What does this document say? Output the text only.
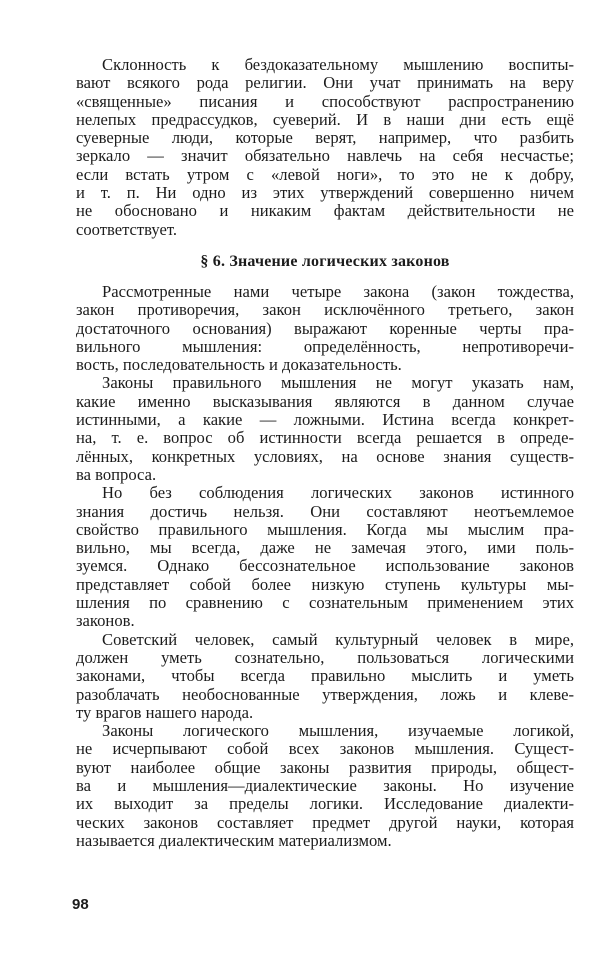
Склонность к бездоказательному мышлению воспиты-
вают всякого рода религии. Они учат принимать на веру
«священные» писания и способствуют распространению
нелепых предрассудков, суеверий. И в наши дни есть ещё
суеверные люди, которые верят, например, что разбить
зеркало — значит обязательно навлечь на себя несчастье;
если встать утром с «левой ноги», то это не к добру,
и т. п. Ни одно из этих утверждений совершенно ничем
не обосновано и никаким фактам действительности не
соответствует.

§ 6. Значение логических законов

Рассмотренные нами четыре закона (закон тождества,
закон противоречия, закон исключённого третьего, закон
достаточного основания) выражают коренные черты пра-
вильного мышления: определённость, непротиворечи-
вость, последовательность и доказательность.

Законы правильного мышления не могут указать нам,
какие именно высказывания являются в данном случае
истинными, а какие — ложными. Истина всегда конкрет-
на, т. е. вопрос об истинности всегда решается в опреде-
лённых, конкретных условиях, на основе знания существ-
ва вопроса.

Но без соблюдения логических законов истинного
знания достичь нельзя. Они составляют неотъемлемое
свойство правильного мышления. Когда мы мыслим пра-
вильно, мы всегда, даже не замечая этого, ими поль-
зуемся. Однако бессознательное использование законов
представляет собой более низкую ступень культуры мы-
шления по сравнению с сознательным применением этих
законов.

Советский человек, самый культурный человек в мире,
должен уметь сознательно, пользоваться логическими
законами, чтобы всегда правильно мыслить и уметь
разоблачать необоснованные утверждения, ложь и клеве-
ту врагов нашего народа.

Законы логического мышления, изучаемые логикой,
не исчерпывают собой всех законов мышления. Сущест-
вуют наиболее общие законы развития природы, общест-
ва и мышления—диалектические законы. Но изучение
их выходит за пределы логики. Исследование диалекти-
ческих законов составляет предмет другой науки, которая
называется диалектическим материализмом.

98
